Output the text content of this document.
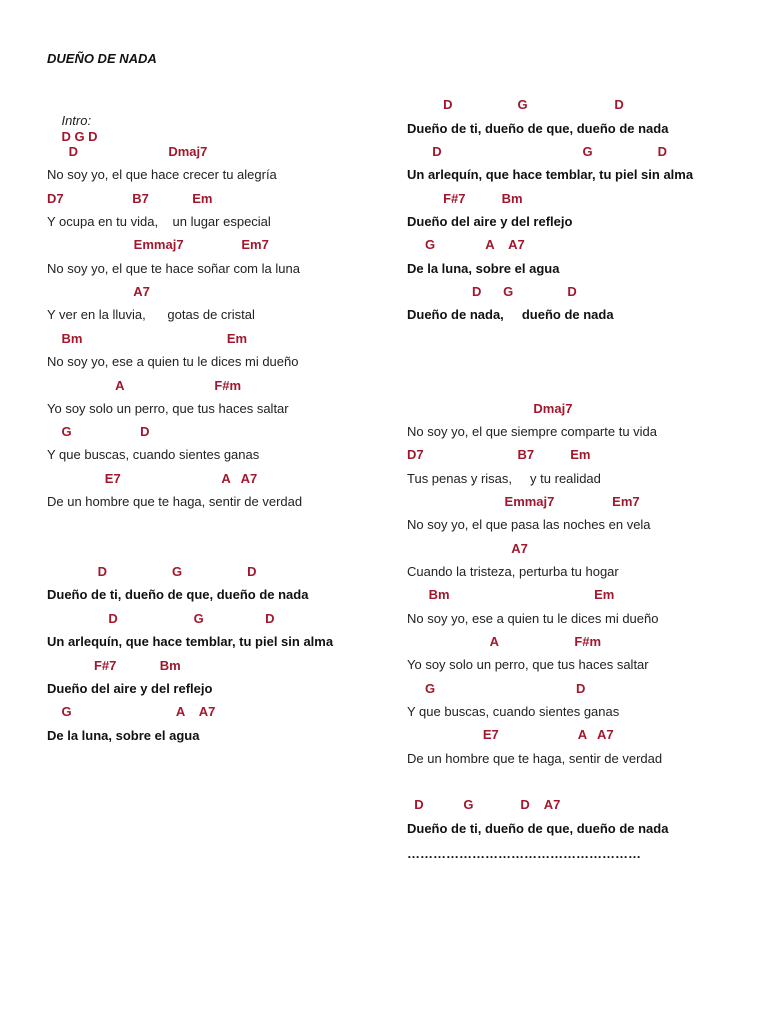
DUEÑO DE NADA

Intro:
D G D

D                         Dmaj7
No soy yo, el que hace crecer tu alegría
D7                   B7            Em
Y ocupa en tu vida,    un lugar especial
Emmaj7                Em7
No soy yo, el que te hace soñar com la luna
A7
Y ver en la lluvia,      gotas de cristal
Bm                                        Em
No soy yo, ese a quien tu le dices mi dueño
A                         F#m
Yo soy solo un perro, que tus haces saltar
G                   D
Y que buscas, cuando sientes ganas
E7                            A   A7
De un hombre que te haga, sentir de verdad
D                  G                  D
Dueño de ti, dueño de que, dueño de nada
D                     G                 D
Un arlequín, que hace temblar, tu piel sin alma
F#7            Bm
Dueño del aire y del reflejo
G                             A    A7
De la luna, sobre el agua
D                  G                        D
Dueño de ti, dueño de que, dueño de nada
D                                       G                  D
Un arlequín, que hace temblar, tu piel sin alma
F#7          Bm
Dueño del aire y del reflejo
G              A    A7
De la luna, sobre el agua
D      G               D
Dueño de nada,     dueño de nada
Dmaj7
No soy yo, el que siempre comparte tu vida
D7                          B7          Em
Tus penas y risas,     y tu realidad
Emmaj7                Em7
No soy yo, el que pasa las noches en vela
A7
Cuando la tristeza, perturba tu hogar
Bm                                        Em
No soy yo, ese a quien tu le dices mi dueño
A                     F#m
Yo soy solo un perro, que tus haces saltar
G                                       D
Y que buscas, cuando sientes ganas
E7                      A   A7
De un hombre que te haga, sentir de verdad
D           G             D    A7
Dueño de ti, dueño de que, dueño de nada
………………………………………………
